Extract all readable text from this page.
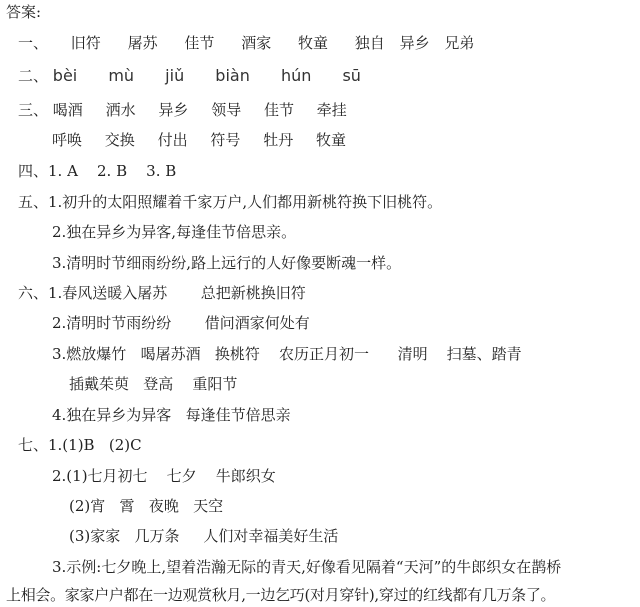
答案:
一、 旧符 屠苏 佳节 酒家 牧童 独自 异乡 兄弟
二、 bèi mù jiǔ biàn hún sū
三、 喝酒 洒水 异乡 领导 佳节 牵挂
呼唤 交换 付出 符号 牡丹 牧童
四、1. A    2. B    3. B
五、1.初升的太阳照耀着千家万户,人们都用新桃符换下旧桃符。
2.独在异乡为异客,每逢佳节倍思亲。
3.清明时节细雨纷纷,路上远行的人好像要断魂一样。
六、1.春风送暖入屠苏       总把新桃换旧符
2.清明时节雨纷纷       借问酒家何处有
3.燃放爆竹   喝屠苏酒   换桃符    农历正月初一      清明    扫墓、踏青
插戴茱萸   登高    重阳节
4.独在异乡为异客   每逢佳节倍思亲
七、1.(1)B   (2)C
2.(1)七月初七    七夕    牛郎织女
(2)宵   霄   夜晚   天空
(3)家家   几万条     人们对幸福美好生活
3.示例:七夕晚上,望着浩瀚无际的青天,好像看见隔着“天河”的牛郎织女在鹊桥
上相会。家家户户都在一边观赏秋月,一边乞巧(对月穿针),穿过的红线都有几万条了。
